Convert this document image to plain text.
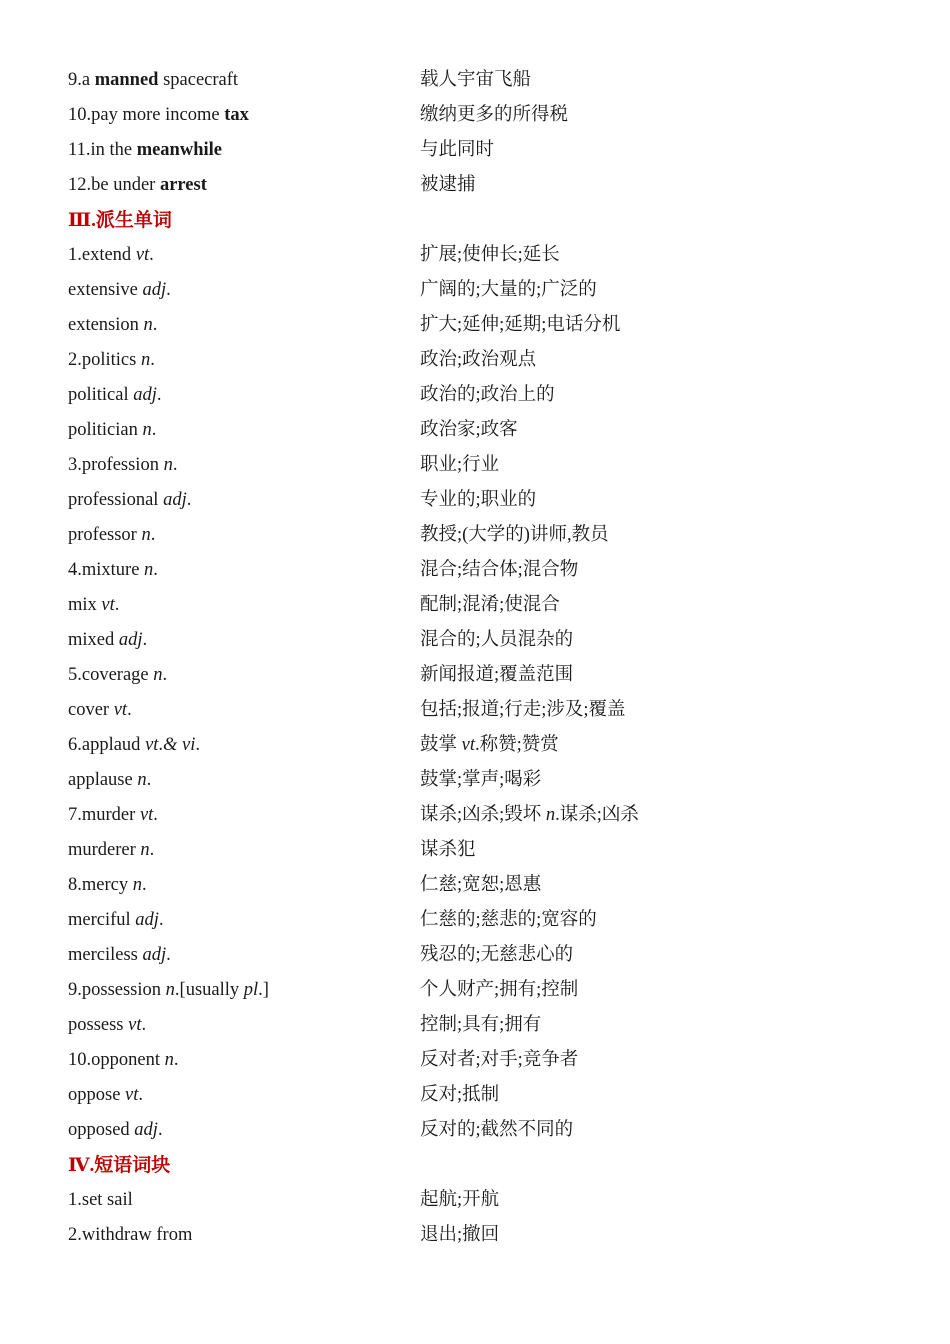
9.a manned spacecraft	载人宇宙飞船
10.pay more income tax	缴纳更多的所得税
11.in the meanwhile	与此同时
12.be under arrest	被逮捕
Ⅲ.派生单词
1.extend vt.	扩展;使伸长;延长
extensive adj.	广阔的;大量的;广泛的
extension n.	扩大;延伸;延期;电话分机
2.politics n.	政治;政治观点
political adj.	政治的;政治上的
politician n.	政治家;政客
3.profession n.	职业;行业
professional adj.	专业的;职业的
professor n.	教授;(大学的)讲师,教员
4.mixture n.	混合;结合体;混合物
mix vt.	配制;混淆;使混合
mixed adj.	混合的;人员混杂的
5.coverage n.	新闻报道;覆盖范围
cover vt.	包括;报道;行走;涉及;覆盖
6.applaud vt.& vi.	鼓掌 vt.称赞;赞赏
applause n.	鼓掌;掌声;喝彩
7.murder vt.	谋杀;凶杀;毁坏 n.谋杀;凶杀
murderer n.	谋杀犯
8.mercy n.	仁慈;宽恕;恩惠
merciful adj.	仁慈的;慈悲的;宽容的
merciless adj.	残忍的;无慈悲心的
9.possession n.[usually pl.]	个人财产;拥有;控制
possess vt.	控制;具有;拥有
10.opponent n.	反对者;对手;竞争者
oppose vt.	反对;抵制
opposed adj.	反对的;截然不同的
Ⅳ.短语词块
1.set sail	起航;开航
2.withdraw from	退出;撤回
